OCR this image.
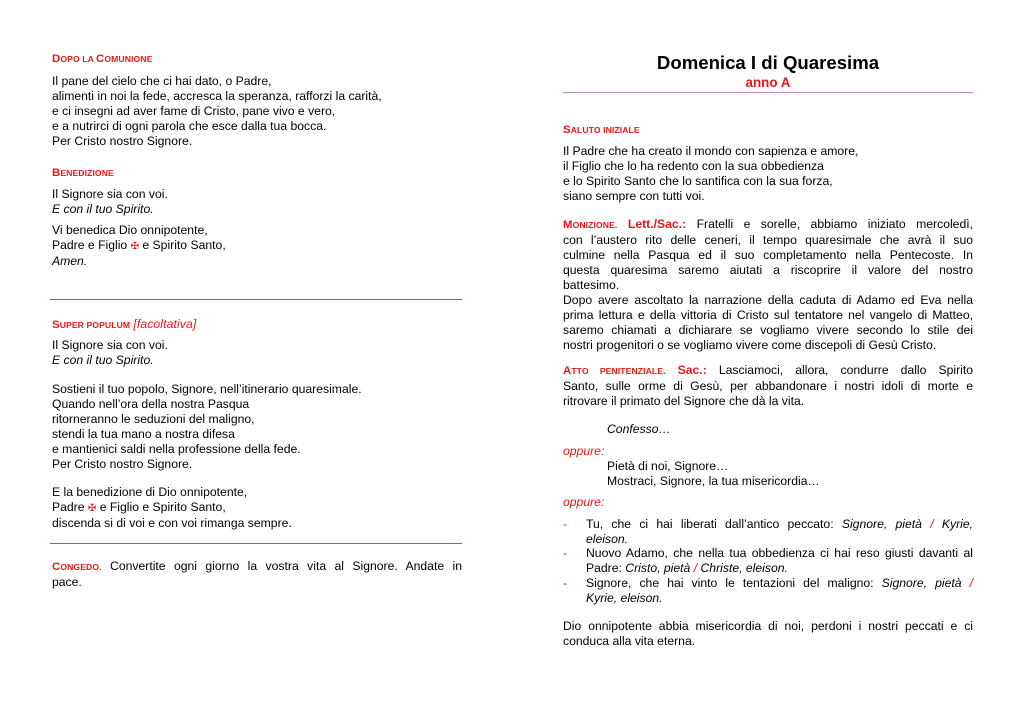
DOPO LA COMUNIONE
Il pane del cielo che ci hai dato, o Padre,
alimenti in noi la fede, accresca la speranza, rafforzi la carità,
e ci insegni ad aver fame di Cristo, pane vivo e vero,
e a nutrirci di ogni parola che esce dalla tua bocca.
Per Cristo nostro Signore.
BENEDIZIONE
Il Signore sia con voi.
E con il tuo Spirito.
Vi benedica Dio onnipotente,
Padre e Figlio ✠ e Spirito Santo,
Amen.
SUPER POPULUM [facoltativa]
Il Signore sia con voi.
E con il tuo Spirito.
Sostieni il tuo popolo, Signore, nell’itinerario quaresimale.
Quando nell’ora della nostra Pasqua
ritorneranno le seduzioni del maligno,
stendi la tua mano a nostra difesa
e mantienici saldi nella professione della fede.
Per Cristo nostro Signore.
E la benedizione di Dio onnipotente,
Padre ✠ e Figlio e Spirito Santo,
discenda si di voi e con voi rimanga sempre.
CONGEDO. Convertite ogni giorno la vostra vita al Signore. Andate in
pace.
Domenica I di Quaresima
anno A
SALUTO INIZIALE
Il Padre che ha creato il mondo con sapienza e amore,
il Figlio che lo ha redento con la sua obbedienza
e lo Spirito Santo che lo santifica con la sua forza,
siano sempre con tutti voi.
MONIZIONE. Lett./Sac.: Fratelli e sorelle, abbiamo iniziato mercoledì,
con l’austero rito delle ceneri, il tempo quaresimale che avrà il suo
culmine nella Pasqua ed il suo completamento nella Pentecoste. In
questa quaresima saremo aiutati a riscoprire il valore del nostro
battesimo.
Dopo avere ascoltato la narrazione della caduta di Adamo ed Eva nella
prima lettura e della vittoria di Cristo sul tentatore nel vangelo di Matteo,
saremo chiamati a dichiarare se vogliamo vivere secondo lo stile dei
nostri progenitori o se vogliamo vivere come discepoli di Gesù Cristo.
ATTO PENITENZIALE. Sac.: Lasciamoci, allora, condurre dallo Spirito
Santo, sulle orme di Gesù, per abbandonare i nostri idoli di morte e
ritrovare il primato del Signore che dà la vita.
Confesso…
oppure:
Pietà di noi, Signore…
Mostraci, Signore, la tua misericordia…
oppure:
- Tu, che ci hai liberati dall’antico peccato: Signore, pietà / Kyrie,
eleison.
- Nuovo Adamo, che nella tua obbedienza ci hai reso giusti davanti al
Padre: Cristo, pietà / Christe, eleison.
- Signore, che hai vinto le tentazioni del maligno: Signore, pietà /
Kyrie, eleison.
Dio onnipotente abbia misericordia di noi, perdoni i nostri peccati e ci
conduca alla vita eterna.
